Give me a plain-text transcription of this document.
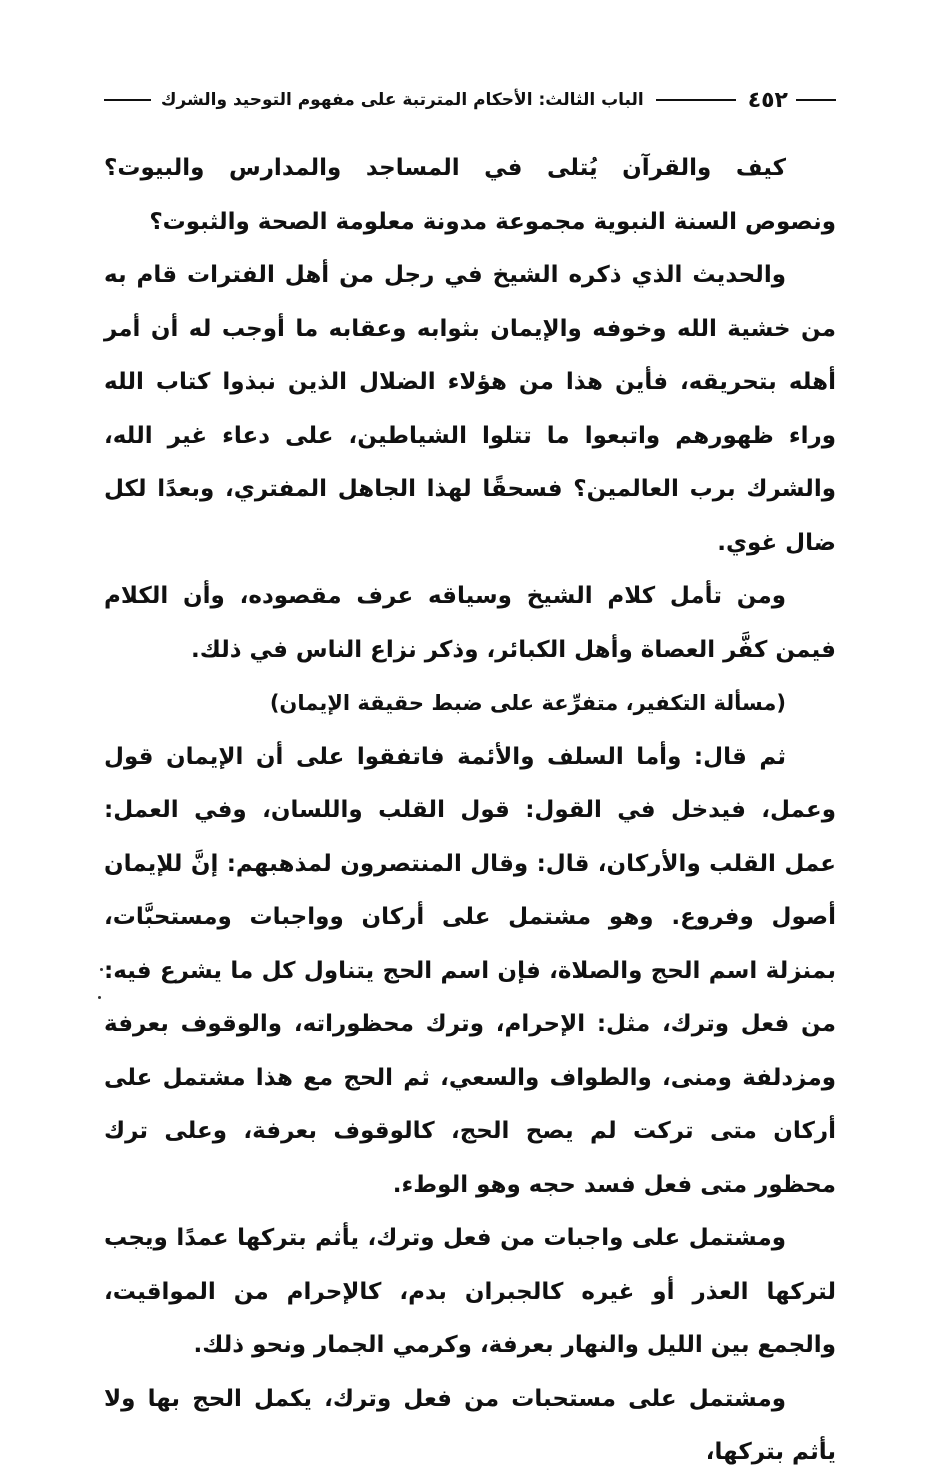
٤٥٢
الباب الثالث: الأحكام المترتبة على مفهوم التوحيد والشرك

كيف والقرآن يُتلى في المساجد والمدارس والبيوت؟ ونصوص السنة النبوية مجموعة مدونة معلومة الصحة والثبوت؟

والحديث الذي ذكره الشيخ في رجل من أهل الفترات قام به من خشية الله وخوفه والإيمان بثوابه وعقابه ما أوجب له أن أمر أهله بتحريقه، فأين هذا من هؤلاء الضلال الذين نبذوا كتاب الله وراء ظهورهم واتبعوا ما تتلوا الشياطين، على دعاء غير الله، والشرك برب العالمين؟ فسحقًا لهذا الجاهل المفتري، وبعدًا لكل ضال غوي.

ومن تأمل كلام الشيخ وسياقه عرف مقصوده، وأن الكلام فيمن كفَّر العصاة وأهل الكبائر، وذكر نزاع الناس في ذلك.

(مسألة التكفير، متفرِّعة على ضبط حقيقة الإيمان)

ثم قال: وأما السلف والأئمة فاتفقوا على أن الإيمان قول وعمل، فيدخل في القول: قول القلب واللسان، وفي العمل: عمل القلب والأركان، قال: وقال المنتصرون لمذهبهم: إنَّ للإيمان أصول وفروع. وهو مشتمل على أركان وواجبات ومستحبَّات، بمنزلة اسم الحج والصلاة، فإن اسم الحج يتناول كل ما يشرع فيه: من فعل وترك، مثل: الإحرام، وترك محظوراته، والوقوف بعرفة ومزدلفة ومنى، والطواف والسعي، ثم الحج مع هذا مشتمل على أركان متى تركت لم يصح الحج، كالوقوف بعرفة، وعلى ترك محظور متى فعل فسد حجه وهو الوطء.

ومشتمل على واجبات من فعل وترك، يأثم بتركها عمدًا ويجب لتركها العذر أو غيره كالجبران بدم، كالإحرام من المواقيت، والجمع بين الليل والنهار بعرفة، وكرمي الجمار ونحو ذلك.

ومشتمل على مستحبات من فعل وترك، يكمل الحج بها ولا يأثم بتركها،
